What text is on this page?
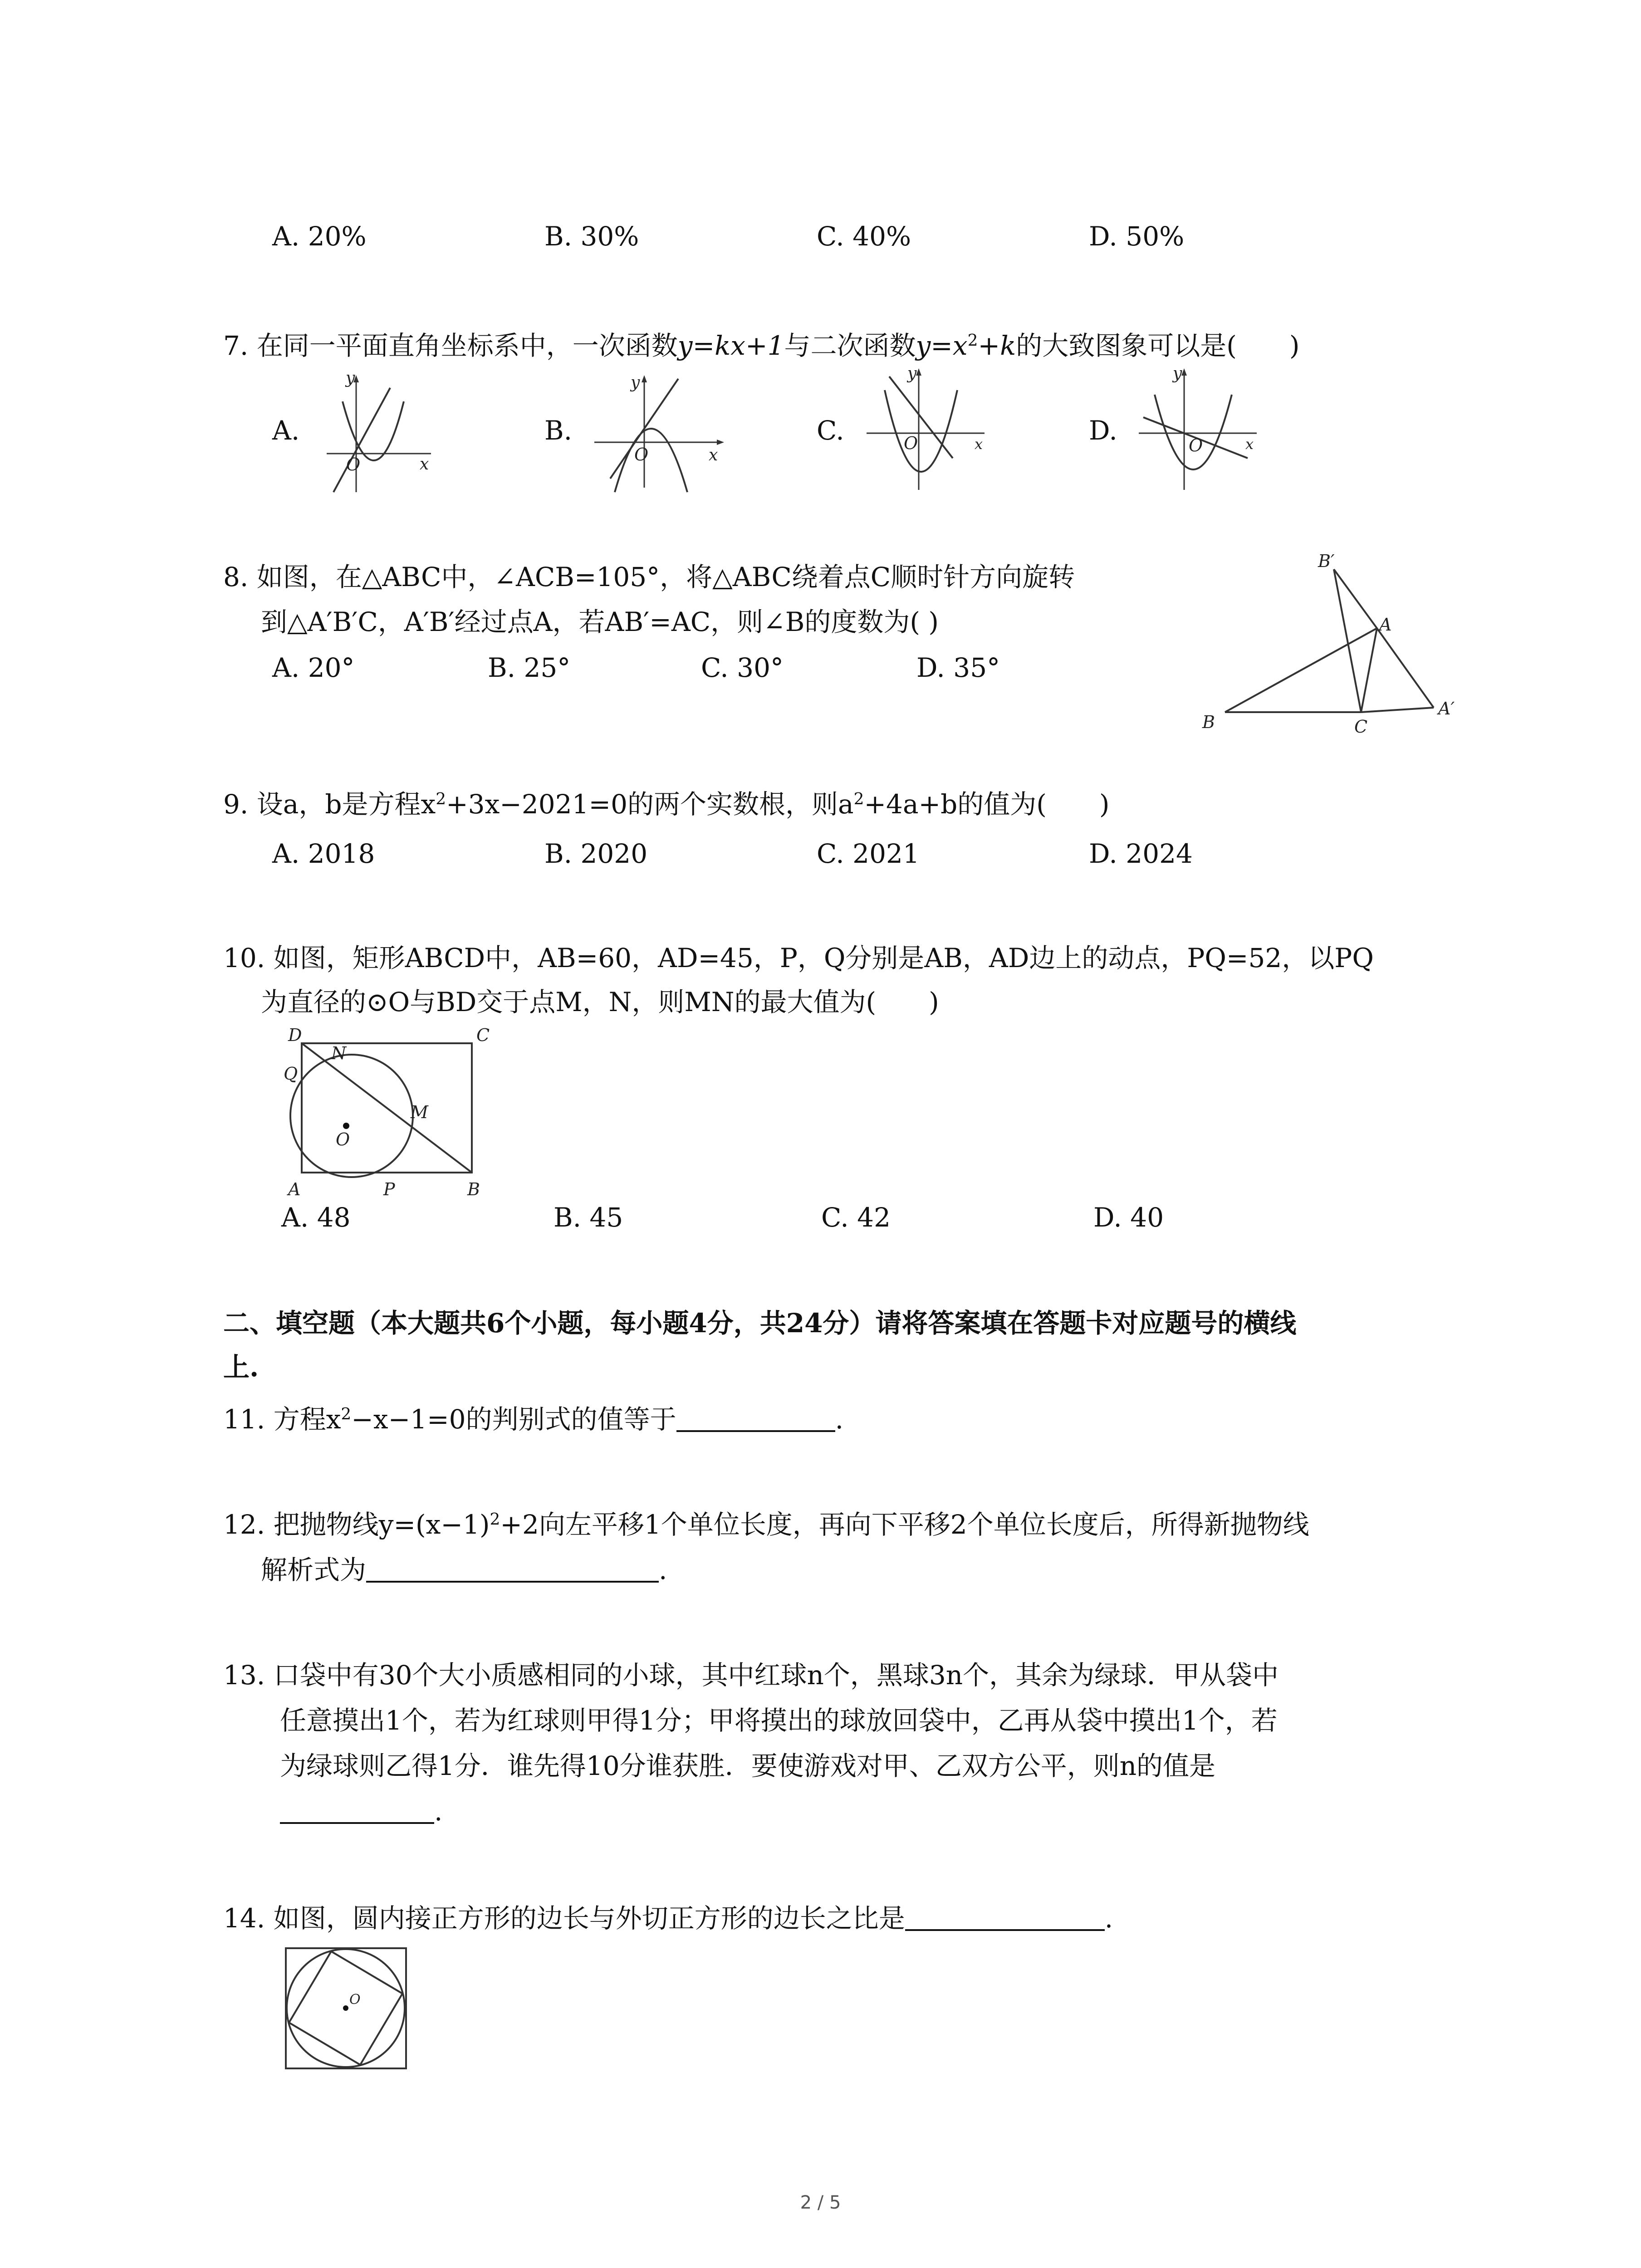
A. 20%	B. 30%	C. 40%	D. 50%
7. 在同一平面直角坐标系中，一次函数y=kx+1与二次函数$y=x^2+k$的大致图象可以是(　　)
A.	B.	C.	D.
y
x
O
y
x
O
y
x
O
y
x
O
8. 如图，在△ABC中，∠ACB=105°，将△ABC绕着点C顺时针方向旋转
到△A′B′C，A′B′经过点A，若AB′=AC，则∠B的度数为( )
A. 20°	B. 25°	C. 30°	D. 35°
B′
A
B	C
A′
9. 设a，b是方程$x^2+3x-2021=0$的两个实数根，则$a^2+4a+b$的值为(　　)
A. 2018	B. 2020	C. 2021	D. 2024
10. 如图，矩形ABCD中，AB=60，AD=45，P，Q分别是AB，AD边上的动点，PQ=52，以PQ
为直径的⊙O与BD交于点M，N，则MN的最大值为(　　)
D	C
N
Q
M
O
A	P	B
A. 48	B. 45	C. 42	D. 40
二、填空题（本大题共6个小题，每小题4分，共24分）请将答案填在答题卡对应题号的横线
上.
11. 方程$x^2-x-1=0$的判别式的值等于	.
12. 把抛物线$y=(x-1)^2+2$向左平移1个单位长度，再向下平移2个单位长度后，所得新抛物线
解析式为	.
13. 口袋中有30个大小质感相同的小球，其中红球n个，黑球3n个，其余为绿球．甲从袋中
任意摸出1个，若为红球则甲得1分；甲将摸出的球放回袋中，乙再从袋中摸出1个，若
为绿球则乙得1分．谁先得10分谁获胜．要使游戏对甲、乙双方公平，则n的值是
.
14. 如图，圆内接正方形的边长与外切正方形的边长之比是	.
O
2 / 5
